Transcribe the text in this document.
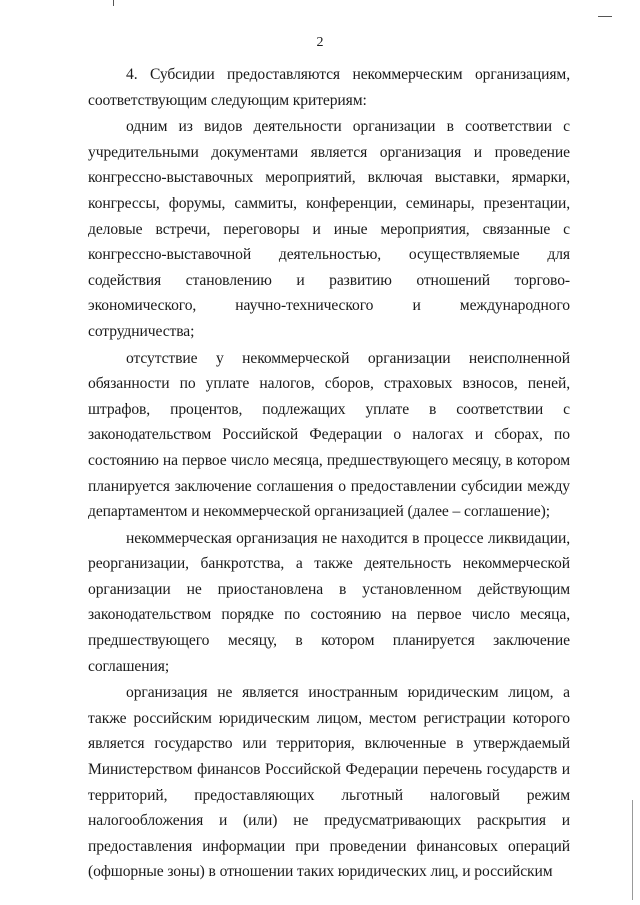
2

4. Субсидии предоставляются некоммерческим организациям, соответствующим следующим критериям:

одним из видов деятельности организации в соответствии с учредительными документами является организация и проведение конгрессно-выставочных мероприятий, включая выставки, ярмарки, конгрессы, форумы, саммиты, конференции, семинары, презентации, деловые встречи, переговоры и иные мероприятия, связанные с конгрессно-выставочной деятельностью, осуществляемые для содействия становлению и развитию отношений торгово-экономического, научно-технического и международного сотрудничества;

отсутствие у некоммерческой организации неисполненной обязанности по уплате налогов, сборов, страховых взносов, пеней, штрафов, процентов, подлежащих уплате в соответствии с законодательством Российской Федерации о налогах и сборах, по состоянию на первое число месяца, предшествующего месяцу, в котором планируется заключение соглашения о предоставлении субсидии между департаментом и некоммерческой организацией (далее – соглашение);

некоммерческая организация не находится в процессе ликвидации, реорганизации, банкротства, а также деятельность некоммерческой организации не приостановлена в установленном действующим законодательством порядке по состоянию на первое число месяца, предшествующего месяцу, в котором планируется заключение соглашения;

организация не является иностранным юридическим лицом, а также российским юридическим лицом, местом регистрации которого является государство или территория, включенные в утверждаемый Министерством финансов Российской Федерации перечень государств и территорий, предоставляющих льготный налоговый режим налогообложения и (или) не предусматривающих раскрытия и предоставления информации при проведении финансовых операций (офшорные зоны) в отношении таких юридических лиц, и российским
